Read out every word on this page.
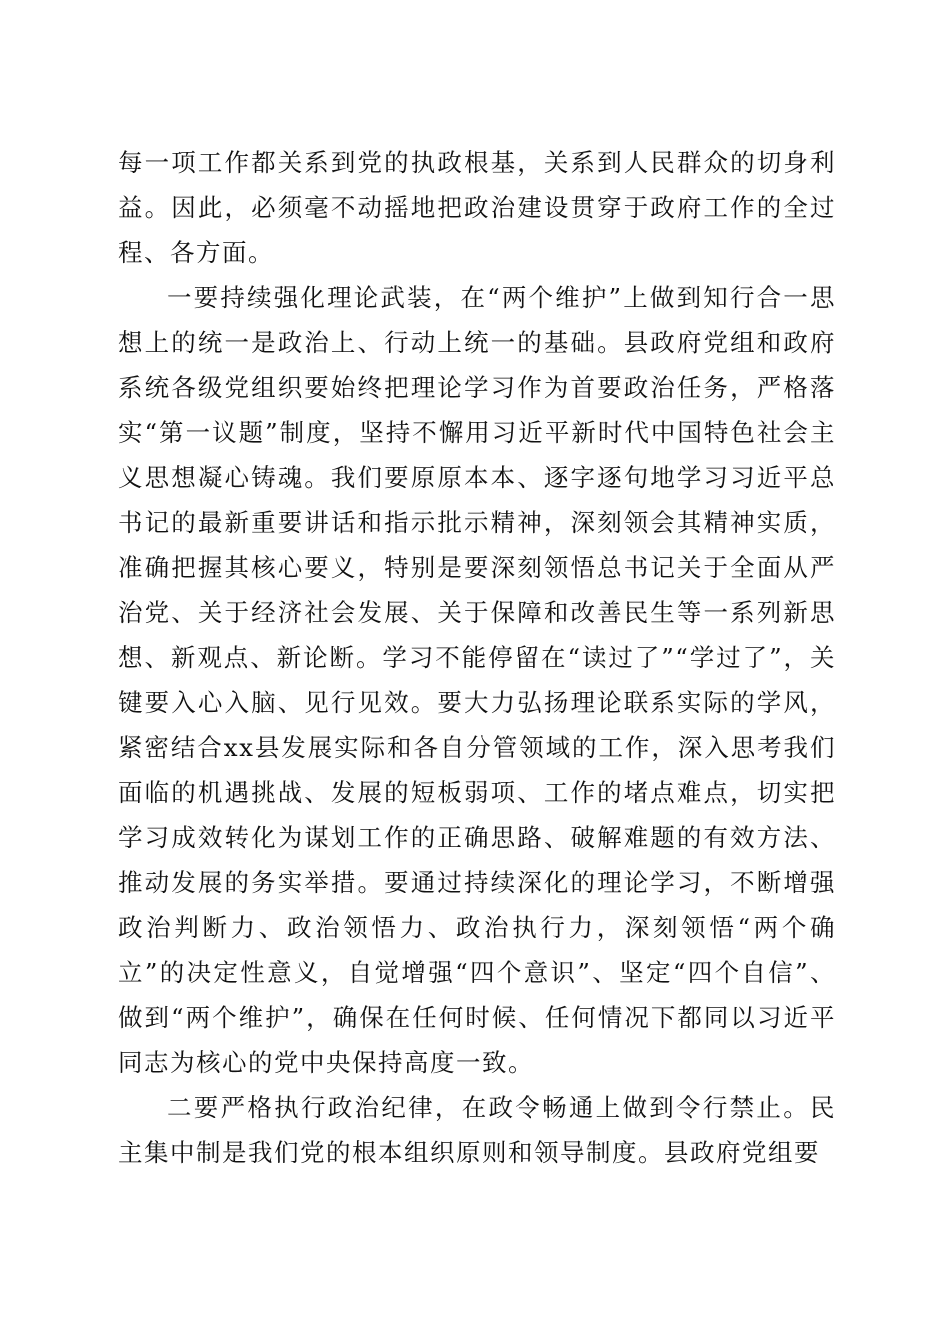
每一项工作都关系到党的执政根基，关系到人民群众的切身利益。因此，必须毫不动摇地把政治建设贯穿于政府工作的全过程、各方面。

一要持续强化理论武装，在“两个维护”上做到知行合一思想上的统一是政治上、行动上统一的基础。县政府党组和政府系统各级党组织要始终把理论学习作为首要政治任务，严格落实“第一议题”制度，坚持不懈用习近平新时代中国特色社会主义思想凝心铸魂。我们要原原本本、逐字逐句地学习习近平总书记的最新重要讲话和指示批示精神，深刻领会其精神实质，准确把握其核心要义，特别是要深刻领悟总书记关于全面从严治党、关于经济社会发展、关于保障和改善民生等一系列新思想、新观点、新论断。学习不能停留在“读过了”“学过了”，关键要入心入脑、见行见效。要大力弘扬理论联系实际的学风，紧密结合xx县发展实际和各自分管领域的工作，深入思考我们面临的机遇挑战、发展的短板弱项、工作的堵点难点，切实把学习成效转化为谋划工作的正确思路、破解难题的有效方法、推动发展的务实举措。要通过持续深化的理论学习，不断增强政治判断力、政治领悟力、政治执行力，深刻领悟“两个确立”的决定性意义，自觉增强“四个意识”、坚定“四个自信”、做到“两个维护”，确保在任何时候、任何情况下都同以习近平同志为核心的党中央保持高度一致。

二要严格执行政治纪律，在政令畅通上做到令行禁止。民主集中制是我们党的根本组织原则和领导制度。县政府党组要
